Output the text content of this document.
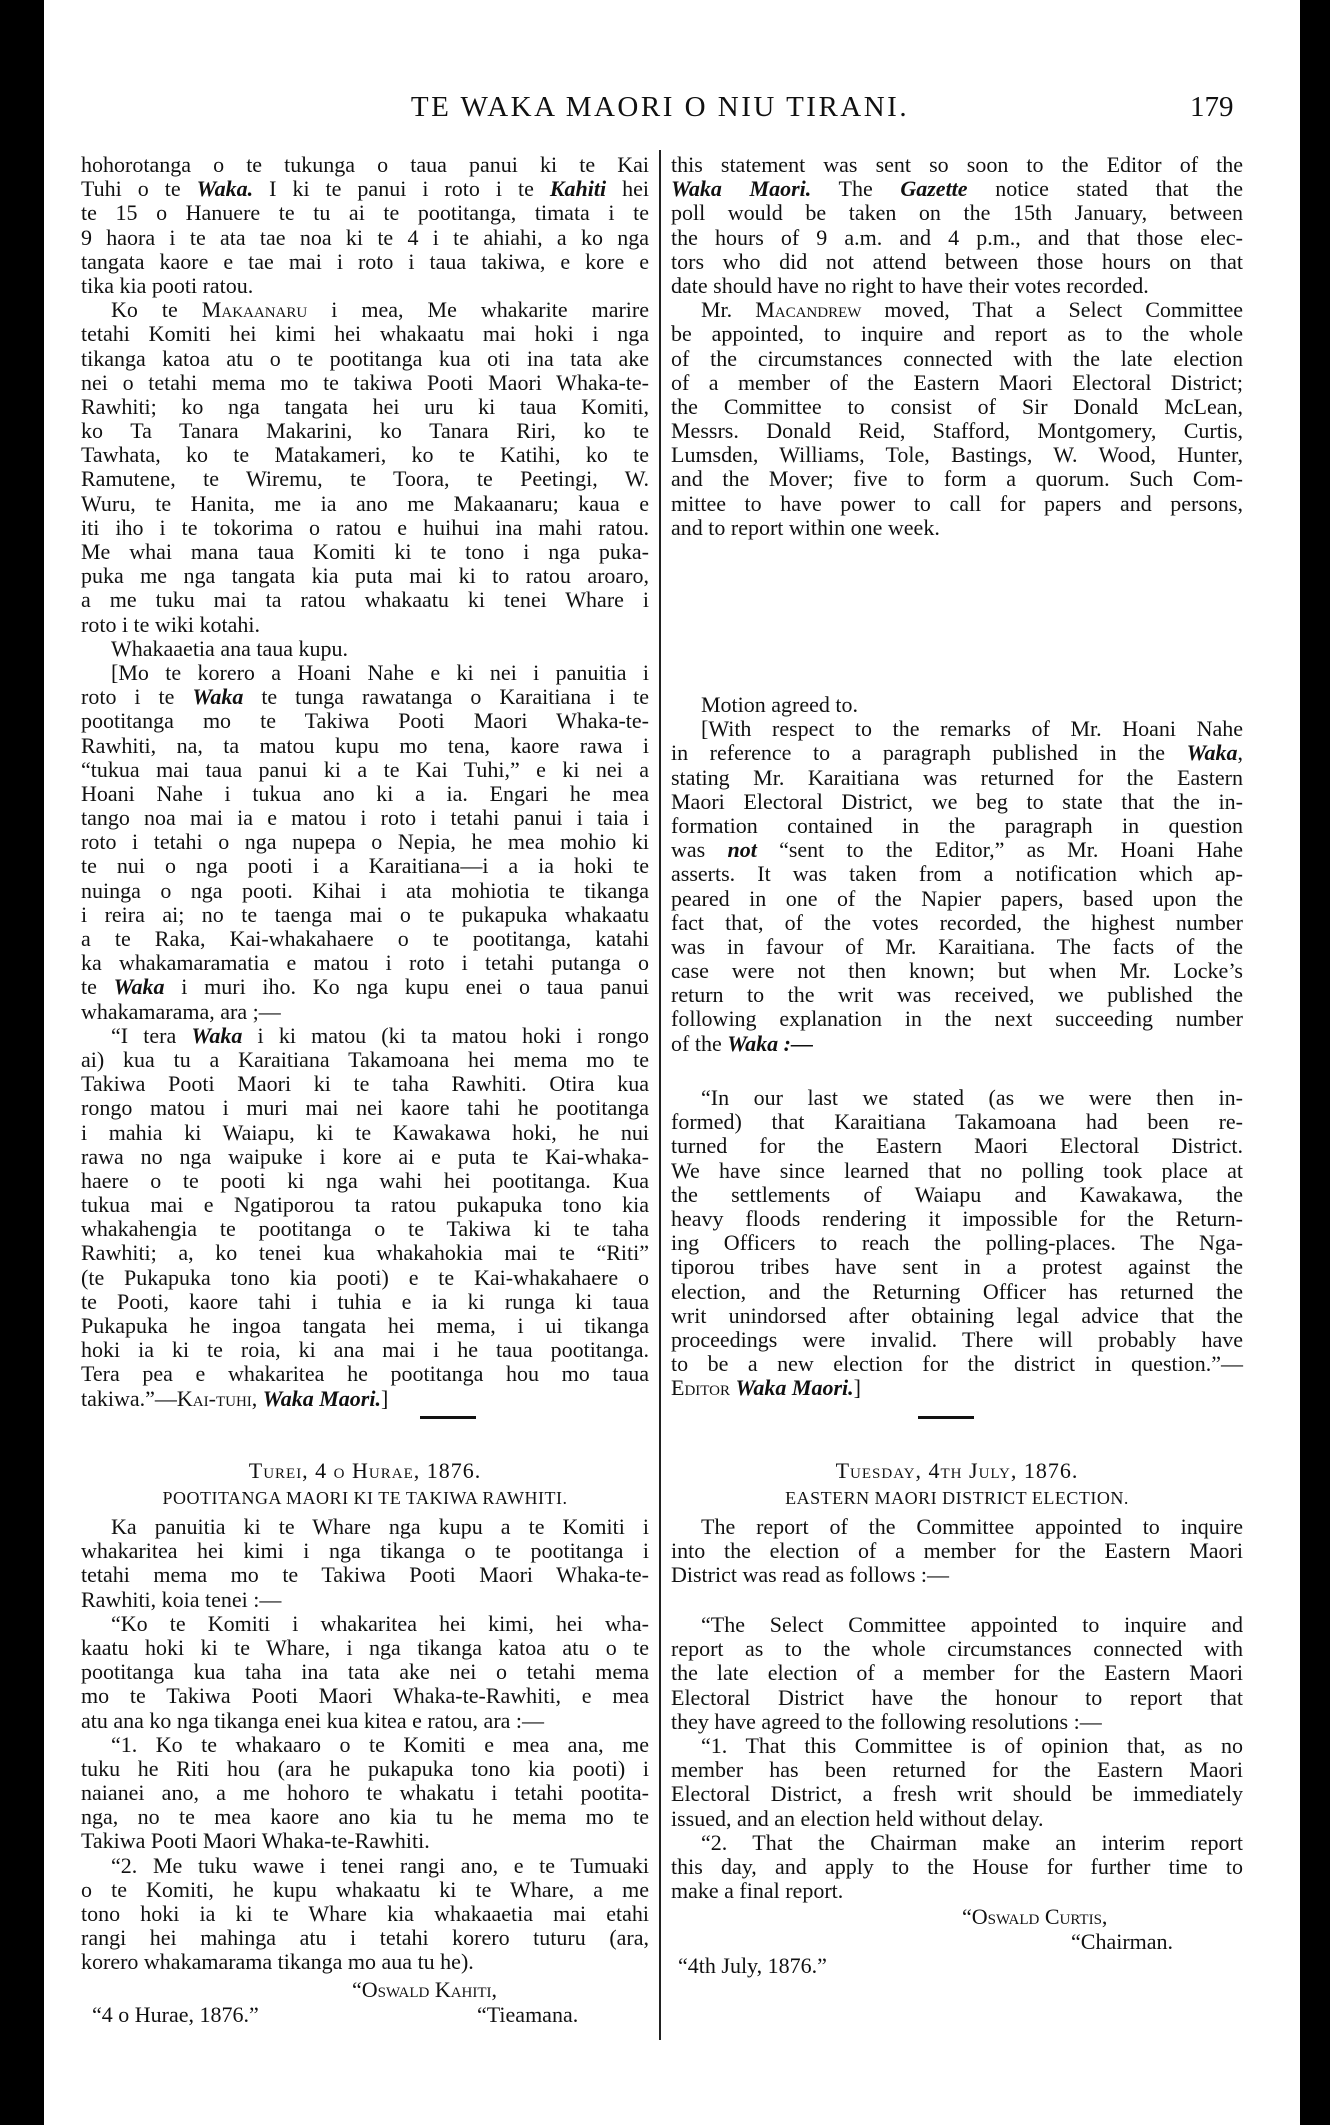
TE WAKA MAORI O NIU TIRANI.	179
hohorotanga o te tukunga o taua panui ki te Kai
Tuhi o te Waka. I ki te panui i roto i te Kahiti hei
te 15 o Hanuere te tu ai te pootitanga, timata i te
9 haora i te ata tae noa ki te 4 i te ahiahi, a ko nga
tangata kaore e tae mai i roto i taua takiwa, e kore e
tika kia pooti ratou.
Ko te Makaanaru i mea, Me whakarite marire
tetahi Komiti hei kimi hei whakaatu mai hoki i nga
tikanga katoa atu o te pootitanga kua oti ina tata ake
nei o tetahi mema mo te takiwa Pooti Maori Whaka-te-
Rawhiti; ko nga tangata hei uru ki taua Komiti,
ko Ta Tanara Makarini, ko Tanara Riri, ko te
Tawhata, ko te Matakameri, ko te Katihi, ko te
Ramutene, te Wiremu, te Toora, te Peetingi, W.
Wuru, te Hanita, me ia ano me Makaanaru; kaua e
iti iho i te tokorima o ratou e huihui ina mahi ratou.
Me whai mana taua Komiti ki te tono i nga puka-
puka me nga tangata kia puta mai ki to ratou aroaro,
a me tuku mai ta ratou whakaatu ki tenei Whare i
roto i te wiki kotahi.
Whakaaetia ana taua kupu.
[Mo te korero a Hoani Nahe e ki nei i panuitia i
roto i te Waka te tunga rawatanga o Karaitiana i te
pootitanga mo te Takiwa Pooti Maori Whaka-te-
Rawhiti, na, ta matou kupu mo tena, kaore rawa i
“tukua mai taua panui ki a te Kai Tuhi,” e ki nei a
Hoani Nahe i tukua ano ki a ia. Engari he mea
tango noa mai ia e matou i roto i tetahi panui i taia i
roto i tetahi o nga nupepa o Nepia, he mea mohio ki
te nui o nga pooti i a Karaitiana—i a ia hoki te
nuinga o nga pooti. Kihai i ata mohiotia te tikanga
i reira ai; no te taenga mai o te pukapuka whakaatu
a te Raka, Kai-whakahaere o te pootitanga, katahi
ka whakamaramatia e matou i roto i tetahi putanga o
te Waka i muri iho. Ko nga kupu enei o taua panui
whakamarama, ara ;—
“I tera Waka i ki matou (ki ta matou hoki i rongo
ai) kua tu a Karaitiana Takamoana hei mema mo te
Takiwa Pooti Maori ki te taha Rawhiti. Otira kua
rongo matou i muri mai nei kaore tahi he pootitanga
i mahia ki Waiapu, ki te Kawakawa hoki, he nui
rawa no nga waipuke i kore ai e puta te Kai-whaka-
haere o te pooti ki nga wahi hei pootitanga. Kua
tukua mai e Ngatiporou ta ratou pukapuka tono kia
whakahengia te pootitanga o te Takiwa ki te taha
Rawhiti; a, ko tenei kua whakahokia mai te “Riti”
(te Pukapuka tono kia pooti) e te Kai-whakahaere o
te Pooti, kaore tahi i tuhia e ia ki runga ki taua
Pukapuka he ingoa tangata hei mema, i ui tikanga
hoki ia ki te roia, ki ana mai i he taua pootitanga.
Tera pea e whakaritea he pootitanga hou mo taua
takiwa.”—Kai-tuhi, Waka Maori.]
Turei, 4 o Hurae, 1876.
POOTITANGA MAORI KI TE TAKIWA RAWHITI.
Ka panuitia ki te Whare nga kupu a te Komiti i
whakaritea hei kimi i nga tikanga o te pootitanga i
tetahi mema mo te Takiwa Pooti Maori Whaka-te-
Rawhiti, koia tenei :—
“Ko te Komiti i whakaritea hei kimi, hei wha-
kaatu hoki ki te Whare, i nga tikanga katoa atu o te
pootitanga kua taha ina tata ake nei o tetahi mema
mo te Takiwa Pooti Maori Whaka-te-Rawhiti, e mea
atu ana ko nga tikanga enei kua kitea e ratou, ara :—
“1. Ko te whakaaro o te Komiti e mea ana, me
tuku he Riti hou (ara he pukapuka tono kia pooti) i
naianei ano, a me hohoro te whakatu i tetahi pootita-
nga, no te mea kaore ano kia tu he mema mo te
Takiwa Pooti Maori Whaka-te-Rawhiti.
“2. Me tuku wawe i tenei rangi ano, e te Tumuaki
o te Komiti, he kupu whakaatu ki te Whare, a me
tono hoki ia ki te Whare kia whakaaetia mai etahi
rangi hei mahinga atu i tetahi korero tuturu (ara,
korero whakamarama tikanga mo aua tu he).
“Oswald Kahiti,
“4 o Hurae, 1876.”	“Tieamana.
this statement was sent so soon to the Editor of the
Waka Maori. The Gazette notice stated that the
poll would be taken on the 15th January, between
the hours of 9 a.m. and 4 p.m., and that those elec-
tors who did not attend between those hours on that
date should have no right to have their votes recorded.
Mr. Macandrew moved, That a Select Committee
be appointed, to inquire and report as to the whole
of the circumstances connected with the late election
of a member of the Eastern Maori Electoral District;
the Committee to consist of Sir Donald McLean,
Messrs. Donald Reid, Stafford, Montgomery, Curtis,
Lumsden, Williams, Tole, Bastings, W. Wood, Hunter,
and the Mover; five to form a quorum. Such Com-
mittee to have power to call for papers and persons,
and to report within one week.
Motion agreed to.
[With respect to the remarks of Mr. Hoani Nahe
in reference to a paragraph published in the Waka,
stating Mr. Karaitiana was returned for the Eastern
Maori Electoral District, we beg to state that the in-
formation contained in the paragraph in question
was not “sent to the Editor,” as Mr. Hoani Hahe
asserts. It was taken from a notification which ap-
peared in one of the Napier papers, based upon the
fact that, of the votes recorded, the highest number
was in favour of Mr. Karaitiana. The facts of the
case were not then known; but when Mr. Locke’s
return to the writ was received, we published the
following explanation in the next succeeding number
of the Waka :—
“In our last we stated (as we were then in-
formed) that Karaitiana Takamoana had been re-
turned for the Eastern Maori Electoral District.
We have since learned that no polling took place at
the settlements of Waiapu and Kawakawa, the
heavy floods rendering it impossible for the Return-
ing Officers to reach the polling-places. The Nga-
tiporou tribes have sent in a protest against the
election, and the Returning Officer has returned the
writ unindorsed after obtaining legal advice that the
proceedings were invalid. There will probably have
to be a new election for the district in question.”—
Editor Waka Maori.]
Tuesday, 4th July, 1876.
EASTERN MAORI DISTRICT ELECTION.
The report of the Committee appointed to inquire
into the election of a member for the Eastern Maori
District was read as follows :—
“The Select Committee appointed to inquire and
report as to the whole circumstances connected with
the late election of a member for the Eastern Maori
Electoral District have the honour to report that
they have agreed to the following resolutions :—
“1. That this Committee is of opinion that, as no
member has been returned for the Eastern Maori
Electoral District, a fresh writ should be immediately
issued, and an election held without delay.
“2. That the Chairman make an interim report
this day, and apply to the House for further time to
make a final report.
“Oswald Curtis,
“Chairman.
“4th July, 1876.”
